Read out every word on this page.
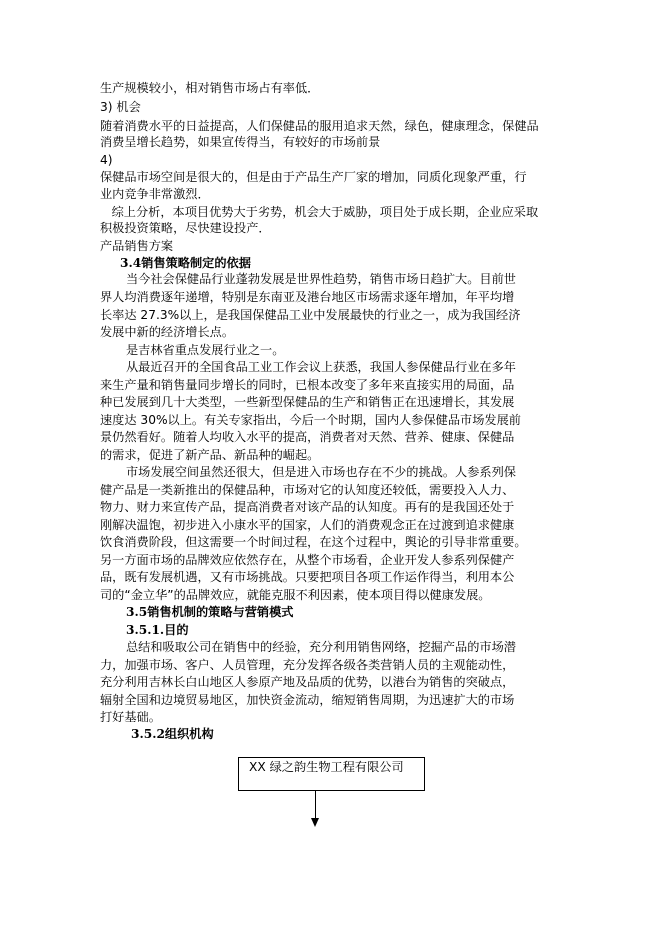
生产规模较小，相对销售市场占有率低．
3) 机会
随着消费水平的日益提高，人们保健品的服用追求天然，绿色，健康理念，保健品
消费呈增长趋势，如果宣传得当，有较好的市场前景
4)
保健品市场空间是很大的，但是由于产品生产厂家的增加，同质化现象严重，行
业内竞争非常激烈．
综上分析，本项目优势大于劣势，机会大于威胁，项目处于成长期，企业应采取
积极投资策略，尽快建设投产．
产品销售方案
3.4销售策略制定的依据
当今社会保健品行业蓬勃发展是世界性趋势，销售市场日趋扩大。目前世
界人均消费逐年递增，特别是东南亚及港台地区市场需求逐年增加，年平均增
长率达 27.3%以上，是我国保健品工业中发展最快的行业之一，成为我国经济
发展中新的经济增长点。
是吉林省重点发展行业之一。
从最近召开的全国食品工业工作会议上获悉，我国人参保健品行业在多年
来生产量和销售量同步增长的同时，已根本改变了多年来直接实用的局面，品
种已发展到几十大类型，一些新型保健品的生产和销售正在迅速增长，其发展
速度达 30%以上。有关专家指出，今后一个时期，国内人参保健品市场发展前
景仍然看好。随着人均收入水平的提高，消费者对天然、营养、健康、保健品
的需求，促进了新产品、新品种的崛起。
市场发展空间虽然还很大，但是进入市场也存在不少的挑战。人参系列保
健产品是一类新推出的保健品种，市场对它的认知度还较低，需要投入人力、
物力、财力来宣传产品，提高消费者对该产品的认知度。再有的是我国还处于
刚解决温饱，初步进入小康水平的国家，人们的消费观念正在过渡到追求健康
饮食消费阶段，但这需要一个时间过程，在这个过程中，舆论的引导非常重要。
另一方面市场的品牌效应依然存在，从整个市场看，企业开发人参系列保健产
品，既有发展机遇，又有市场挑战。只要把项目各项工作运作得当，利用本公
司的“金立华”的品牌效应，就能克服不利因素，使本项目得以健康发展。
3.5销售机制的策略与营销模式
3.5.1.目的
总结和吸取公司在销售中的经验，充分利用销售网络，挖掘产品的市场潜
力，加强市场、客户、人员管理，充分发挥各级各类营销人员的主观能动性，
充分利用吉林长白山地区人参原产地及品质的优势，以港台为销售的突破点，
辐射全国和边境贸易地区，加快资金流动，缩短销售周期，为迅速扩大的市场
打好基础。
3.5.2组织机构
XX 绿之韵生物工程有限公司
